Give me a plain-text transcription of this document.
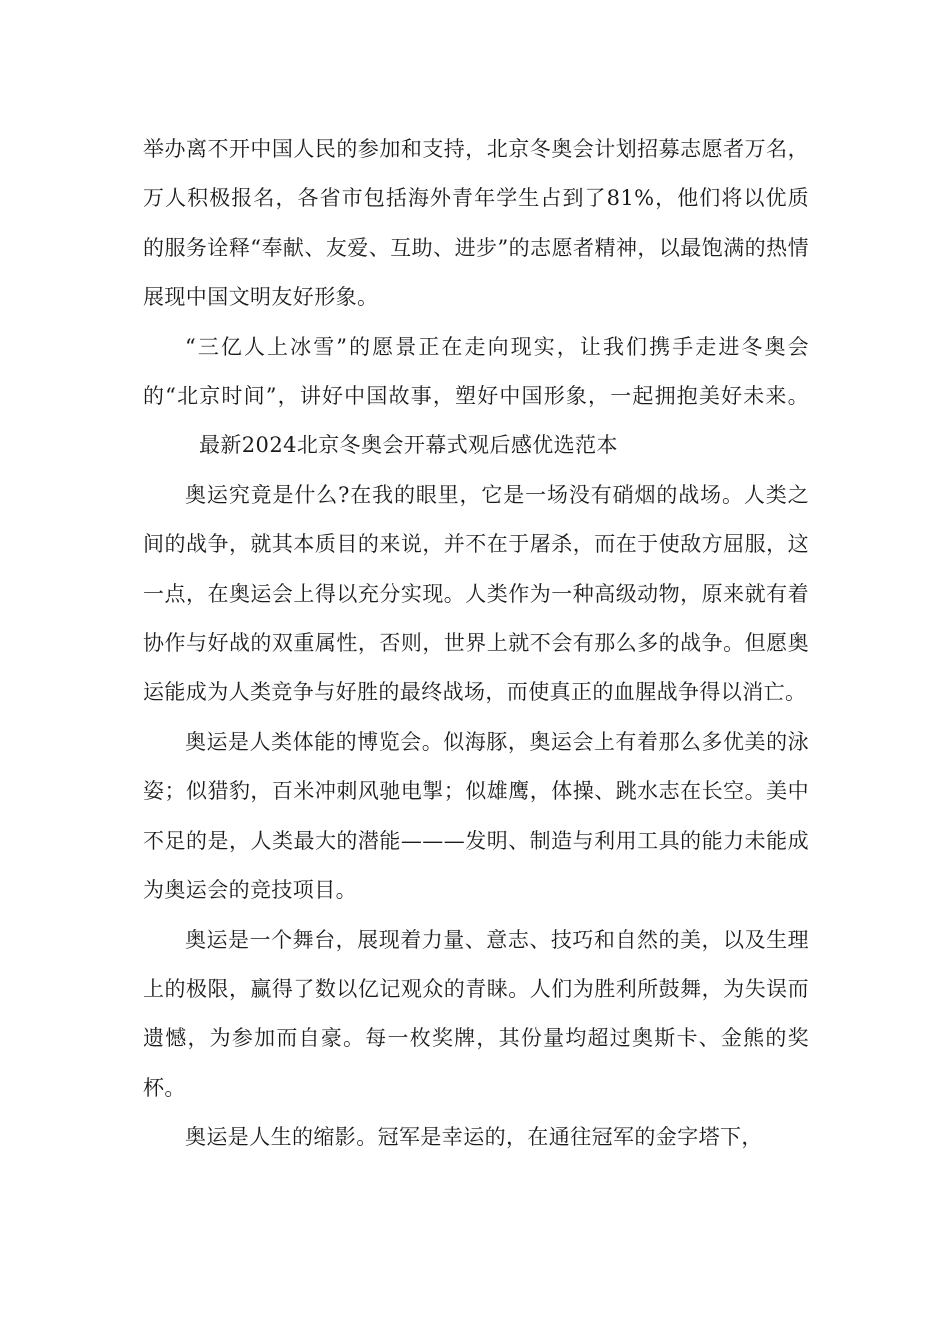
举办离不开中国人民的参加和支持，北京冬奥会计划招募志愿者万名，万人积极报名，各省市包括海外青年学生占到了81%，他们将以优质的服务诠释“奉献、友爱、互助、进步”的志愿者精神，以最饱满的热情展现中国文明友好形象。

“三亿人上冰雪”的愿景正在走向现实，让我们携手走进冬奥会的“北京时间”，讲好中国故事，塑好中国形象，一起拥抱美好未来。最新2024北京冬奥会开幕式观后感优选范本

奥运究竟是什么?在我的眼里，它是一场没有硝烟的战场。人类之间的战争，就其本质目的来说，并不在于屠杀，而在于使敌方屈服，这一点，在奥运会上得以充分实现。人类作为一种高级动物，原来就有着协作与好战的双重属性，否则，世界上就不会有那么多的战争。但愿奥运能成为人类竞争与好胜的最终战场，而使真正的血腥战争得以消亡。

奥运是人类体能的博览会。似海豚，奥运会上有着那么多优美的泳姿；似猎豹，百米冲刺风驰电掣；似雄鹰，体操、跳水志在长空。美中不足的是，人类最大的潜能———发明、制造与利用工具的能力未能成为奥运会的竞技项目。

奥运是一个舞台，展现着力量、意志、技巧和自然的美，以及生理上的极限，赢得了数以亿记观众的青睐。人们为胜利所鼓舞，为失误而遗憾，为参加而自豪。每一枚奖牌，其份量均超过奥斯卡、金熊的奖杯。

奥运是人生的缩影。冠军是幸运的，在通往冠军的金字塔下，
